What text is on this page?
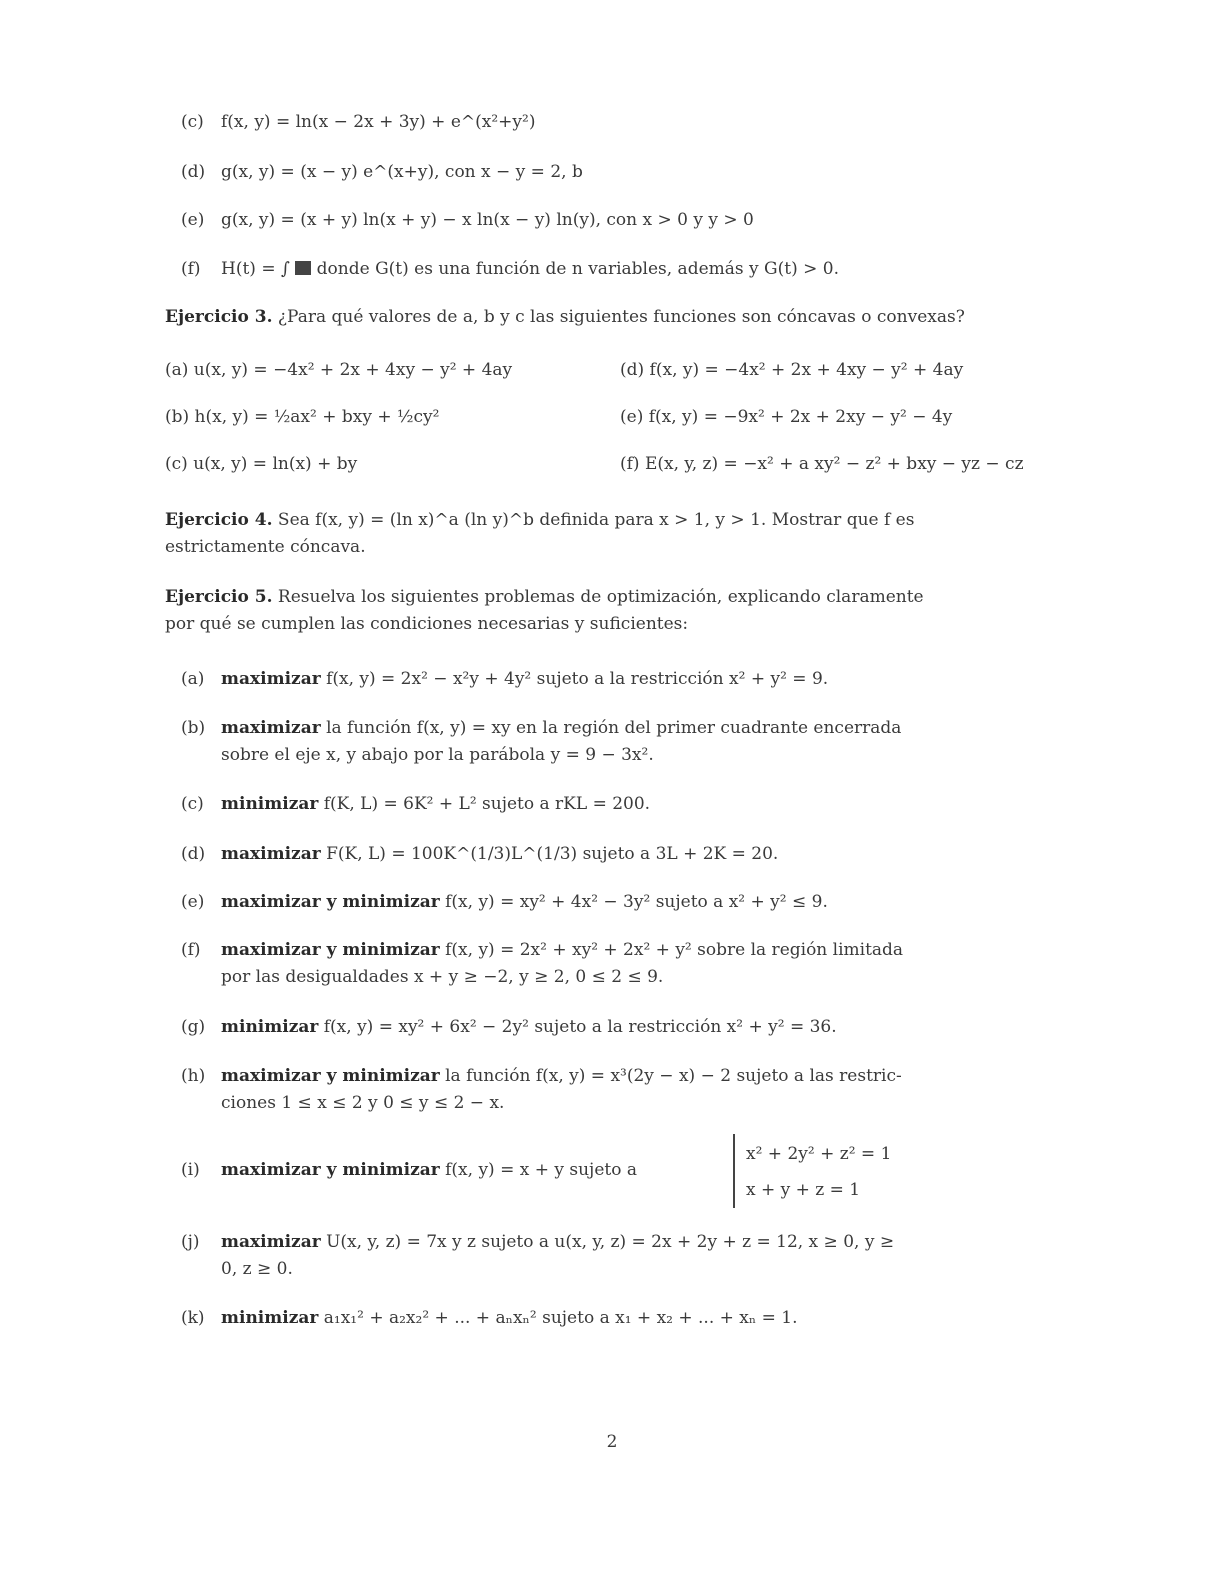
(c) f(x, y) = ln(x − 2x + 3y) + e^(x²+y²)
(d) g(x, y) = (x − y) e^(x+y), con x − y = 2, b
(e) g(x, y) = (x + y) ln(x + y) − x ln(x − y) ln(y), con x > 0 y y > 0
(f) H(t) = ∫ donde G(t) es una función de n variables, además y G(t) > 0.
Ejercicio 3. ¿Para qué valores de a, b y c las siguientes funciones son cóncavas o convexas?
(a) u(x, y) = −4x² + 2x + 4xy − y² + 4ay	(d) f(x, y) = −4x² + 2x + 4xy − y² + 4ay
(b) h(x, y) = ½ax² + bxy + ½cy²	(e) f(x, y) = −9x² + 2x + 2xy − y² − 4y
(c) u(x, y) = ln(x) + by	(f) E(x, y, z) = −x² + a xy² − z² + bxy − yz − cz
Ejercicio 4. Sea f(x, y) = (ln x)^a (ln y)^b definida para x > 1, y > 1. Mostrar que f es
estrictamente cóncava.
Ejercicio 5. Resuelva los siguientes problemas de optimización, explicando claramente
por qué se cumplen las condiciones necesarias y suficientes:
(a) maximizar f(x, y) = 2x² − x²y + 4y² sujeto a la restricción x² + y² = 9.
(b) maximizar la función f(x, y) = xy en la región del primer cuadrante encerrada
sobre el eje x, y abajo por la parábola y = 9 − 3x².
(c) minimizar f(K, L) = 6K² + L² sujeto a rKL = 200.
(d) maximizar F(K, L) = 100K^(1/3)L^(1/3) sujeto a 3L + 2K = 20.
(e) maximizar y minimizar f(x, y) = xy² + 4x² − 3y² sujeto a x² + y² ≤ 9.
(f) maximizar y minimizar f(x, y) = 2x² + xy² + 2x² + y² sobre la región limitada
por las desigualdades x + y ≥ −2, y ≥ 2, 0 ≤ 2 ≤ 9.
(g) minimizar f(x, y) = xy² + 6x² − 2y² sujeto a la restricción x² + y² = 36.
(h) maximizar y minimizar la función f(x, y) = x³(2y − x) − 2 sujeto a las restric-
ciones 1 ≤ x ≤ 2 y 0 ≤ y ≤ 2 − x.
(i) maximizar y minimizar f(x, y) = x + y sujeto a
x² + 2y² + z² = 1
x + y + z = 1
(j) maximizar U(x, y, z) = 7x y z sujeto a u(x, y, z) = 2x + 2y + z = 12, x ≥ 0, y ≥
0, z ≥ 0.
(k) minimizar a₁x₁² + a₂x₂² + ... + aₙxₙ² sujeto a x₁ + x₂ + ... + xₙ = 1.
2
